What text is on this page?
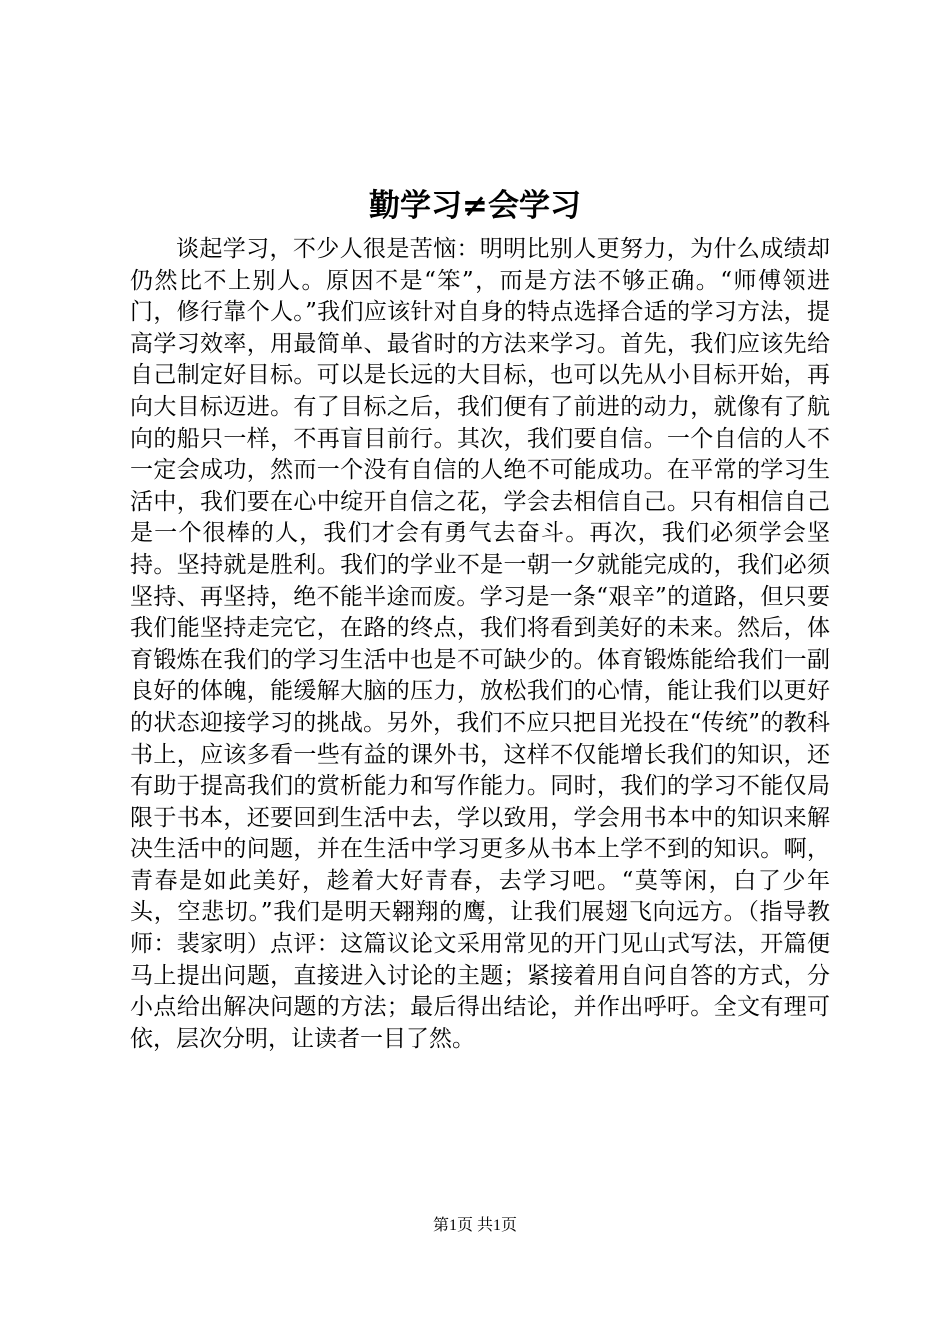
勤学习≠会学习

谈起学习，不少人很是苦恼：明明比别人更努力，为什么成绩却仍然比不上别人。原因不是“笨”，而是方法不够正确。“师傅领进门，修行靠个人。”我们应该针对自身的特点选择合适的学习方法，提高学习效率，用最简单、最省时的方法来学习。首先，我们应该先给自己制定好目标。可以是长远的大目标，也可以先从小目标开始，再向大目标迈进。有了目标之后，我们便有了前进的动力，就像有了航向的船只一样，不再盲目前行。其次，我们要自信。一个自信的人不一定会成功，然而一个没有自信的人绝不可能成功。在平常的学习生活中，我们要在心中绽开自信之花，学会去相信自己。只有相信自己是一个很棒的人，我们才会有勇气去奋斗。再次，我们必须学会坚持。坚持就是胜利。我们的学业不是一朝一夕就能完成的，我们必须坚持、再坚持，绝不能半途而废。学习是一条“艰辛”的道路，但只要我们能坚持走完它，在路的终点，我们将看到美好的未来。然后，体育锻炼在我们的学习生活中也是不可缺少的。体育锻炼能给我们一副良好的体魄，能缓解大脑的压力，放松我们的心情，能让我们以更好的状态迎接学习的挑战。另外，我们不应只把目光投在“传统”的教科书上，应该多看一些有益的课外书，这样不仅能增长我们的知识，还有助于提高我们的赏析能力和写作能力。同时，我们的学习不能仅局限于书本，还要回到生活中去，学以致用，学会用书本中的知识来解决生活中的问题，并在生活中学习更多从书本上学不到的知识。啊，青春是如此美好，趁着大好青春，去学习吧。“莫等闲，白了少年头，空悲切。”我们是明天翱翔的鹰，让我们展翅飞向远方。（指导教师：裴家明）点评：这篇议论文采用常见的开门见山式写法，开篇便马上提出问题，直接进入讨论的主题；紧接着用自问自答的方式，分小点给出解决问题的方法；最后得出结论，并作出呼吁。全文有理可依，层次分明，让读者一目了然。

第1页 共1页
